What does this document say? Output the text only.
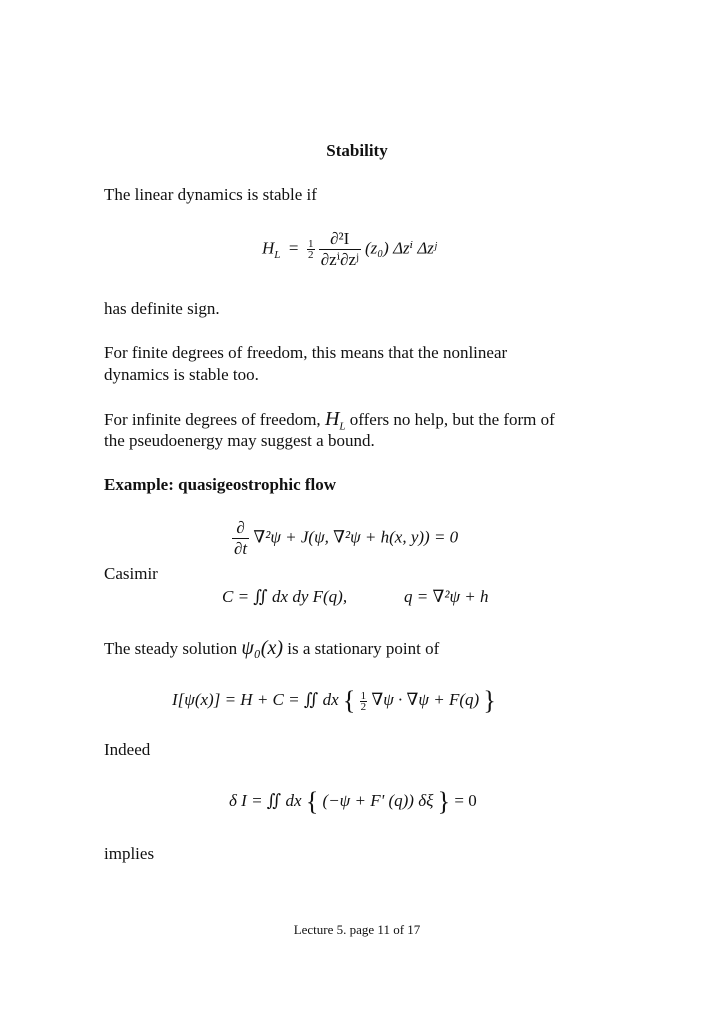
Stability
The linear dynamics is stable if
$H_L = \frac{1}{2}$
$\frac{\text{∂²I}}{\text{∂zⁱ∂zʲ}} (z_0)$ Δzⁱ Δzʲ
has definite sign.
For finite degrees of freedom, this means that the nonlinear
dynamics is stable too.
For infinite degrees of freedom, $H_L$ offers no help, but the form of
the pseudoenergy may suggest a bound.
Example: quasigeostrophic flow
$\frac{\partial}{\partial t} \nabla^2\psi + J(\psi$, ∇²ψ + h(x, y)) = 0
Casimir
C = ∬ dx dy F(q),	q = ∇²ψ + h
The steady solution ψ₀(x) is a stationary point of
I[ψ(x)] = H + C = ∬ dx { $\frac{1}{2} \nabla\psi \cdot \nabla\psi + F(q)$ }
Indeed
δ I = ∬ dx { (−ψ + F' (q)) δξ } = 0
implies
Lecture 5. page 11 of 17
